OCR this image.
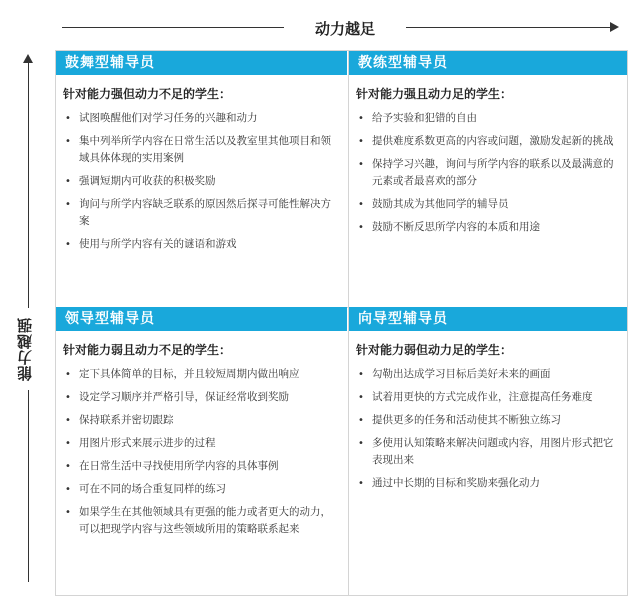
动力越足
能力越强
鼓舞型辅导员
针对能力强但动力不足的学生：
• 试图唤醒他们对学习任务的兴趣和动力
• 集中列举所学内容在日常生活以及教室里其他项目和领域具体体现的实用案例
• 强调短期内可收获的积极奖励
• 询问与所学内容缺乏联系的原因然后探寻可能性解决方案
• 使用与所学内容有关的谜语和游戏
教练型辅导员
针对能力强且动力足的学生：
• 给予实验和犯错的自由
• 提供难度系数更高的内容或问题，激励发起新的挑战
• 保持学习兴趣，询问与所学内容的联系以及最满意的元素或者最喜欢的部分
• 鼓励其成为其他同学的辅导员
• 鼓励不断反思所学内容的本质和用途
领导型辅导员
针对能力弱且动力不足的学生：
• 定下具体简单的目标，并且较短周期内做出响应
• 设定学习顺序并严格引导，保证经常收到奖励
• 保持联系并密切跟踪
• 用图片形式来展示进步的过程
• 在日常生活中寻找使用所学内容的具体事例
• 可在不同的场合重复同样的练习
• 如果学生在其他领域具有更强的能力或者更大的动力，可以把现学内容与这些领域所用的策略联系起来
向导型辅导员
针对能力弱但动力足的学生：
• 勾勒出达成学习目标后美好未来的画面
• 试着用更快的方式完成作业，注意提高任务难度
• 提供更多的任务和活动使其不断独立练习
• 多使用认知策略来解决问题或内容，用图片形式把它表现出来
• 通过中长期的目标和奖励来强化动力
